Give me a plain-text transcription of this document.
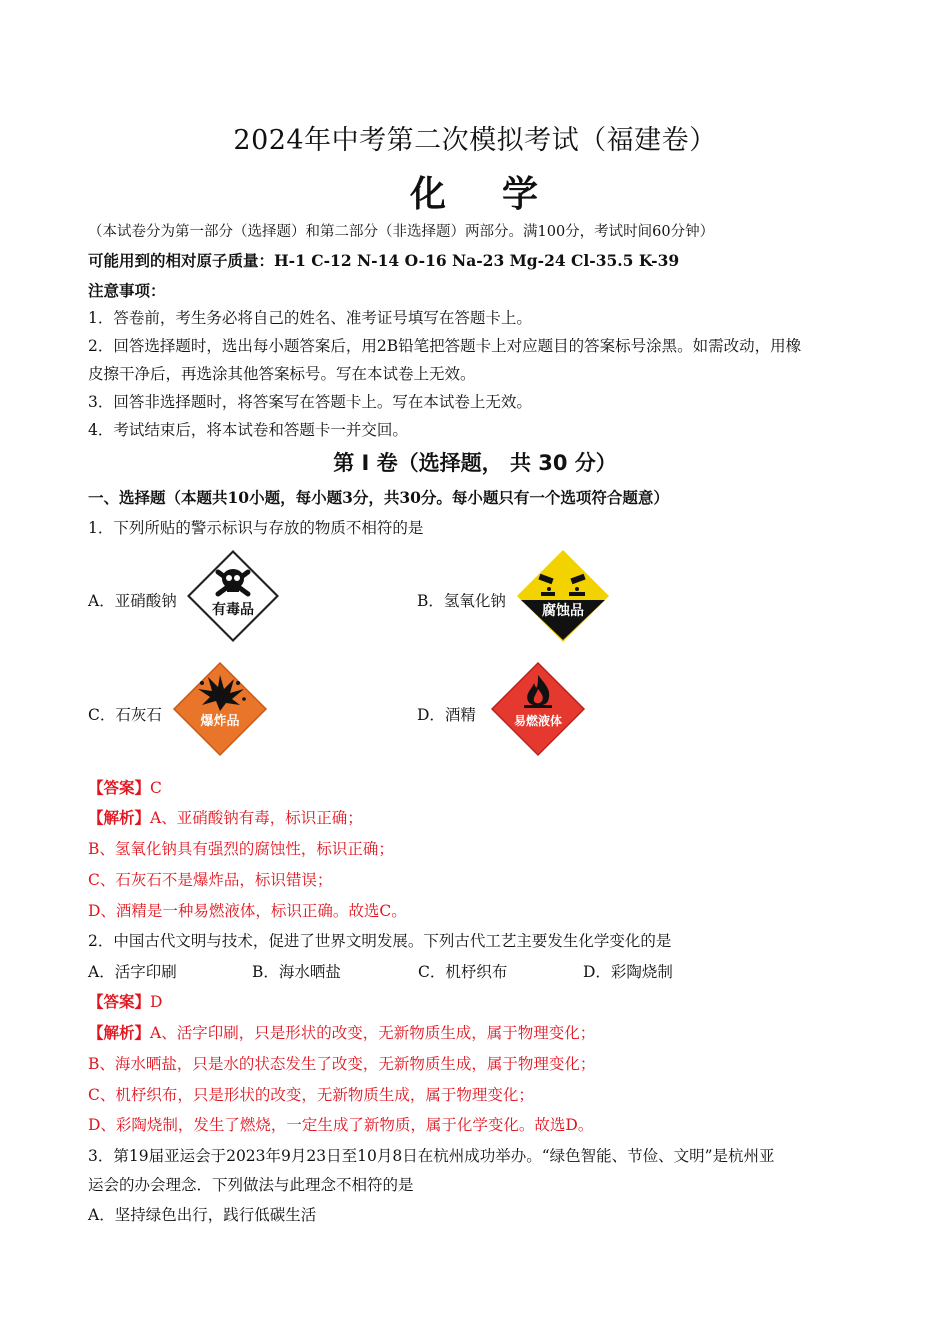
2024年中考第二次模拟考试（福建卷）
化 学
（本试卷分为第一部分（选择题）和第二部分（非选择题）两部分。满100分，考试时间60分钟）
可能用到的相对原子质量：H-1 C-12 N-14 O-16 Na-23 Mg-24 Cl-35.5 K-39
注意事项：
1．答卷前，考生务必将自己的姓名、准考证号填写在答题卡上。
2．回答选择题时，选出每小题答案后，用2B铅笔把答题卡上对应题目的答案标号涂黑。如需改动，用橡
皮擦干净后，再选涂其他答案标号。写在本试卷上无效。
3．回答非选择题时，将答案写在答题卡上。写在本试卷上无效。
4．考试结束后，将本试卷和答题卡一并交回。
第 I 卷（选择题， 共 30 分）
一、选择题（本题共10小题，每小题3分，共30分。每小题只有一个选项符合题意）
1．下列所贴的警示标识与存放的物质不相符的是
A．亚硝酸钠	有毒品	B．氢氧化钠
腐蚀品
C．石灰石	爆炸品	D．酒精	易燃液体
【答案】C
【解析】A、亚硝酸钠有毒，标识正确；
B、氢氧化钠具有强烈的腐蚀性，标识正确；
C、石灰石不是爆炸品，标识错误；
D、酒精是一种易燃液体，标识正确。故选C。
2．中国古代文明与技术，促进了世界文明发展。下列古代工艺主要发生化学变化的是
A．活字印刷	B．海水晒盐	C．机杼织布	D．彩陶烧制
【答案】D
【解析】A、活字印刷，只是形状的改变，无新物质生成，属于物理变化；
B、海水晒盐，只是水的状态发生了改变，无新物质生成，属于物理变化；
C、机杼织布，只是形状的改变，无新物质生成，属于物理变化；
D、彩陶烧制，发生了燃烧，一定生成了新物质，属于化学变化。故选D。
3．第19届亚运会于2023年9月23日至10月8日在杭州成功举办。“绿色智能、节俭、文明”是杭州亚
运会的办会理念．下列做法与此理念不相符的是
A．坚持绿色出行，践行低碳生活
